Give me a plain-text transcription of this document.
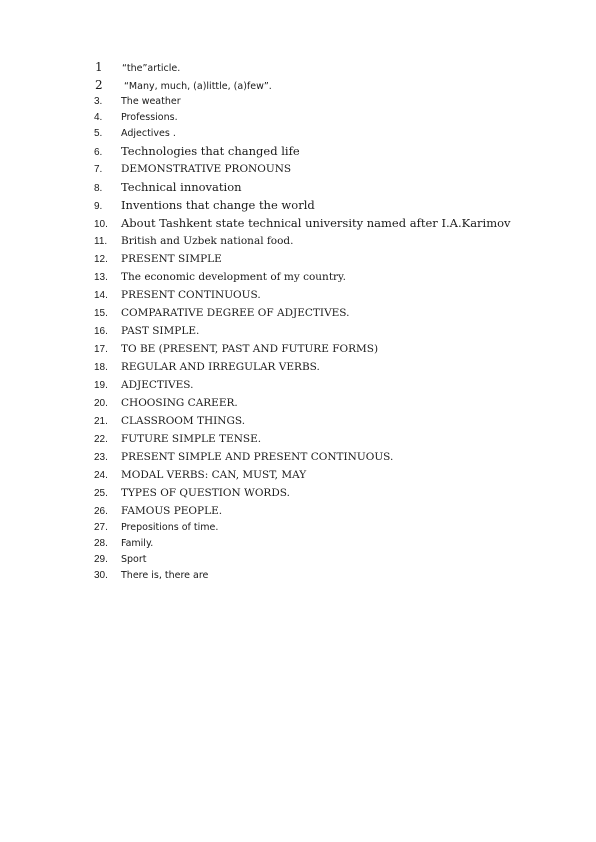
1	“the”article.
2	“Many, much, (a)little, (a)few”.
3.	The weather
4.	Professions.
5.	Adjectives .
6.	Technologies that changed life
7.	DEMONSTRATIVE PRONOUNS
8.	Technical innovation
9.	Inventions that change the world
10.	About Tashkent state technical university named after I.A.Karimov
11.	British and Uzbek national food.
12.	PRESENT SIMPLE
13.	The economic development of my country.
14.	PRESENT CONTINUOUS.
15.	COMPARATIVE DEGREE OF ADJECTIVES.
16.	PAST SIMPLE.
17.	TO BE (PRESENT, PAST AND FUTURE FORMS)
18.	REGULAR AND IRREGULAR VERBS.
19.	ADJECTIVES.
20.	CHOOSING CAREER.
21.	CLASSROOM THINGS.
22.	FUTURE SIMPLE TENSE.
23.	PRESENT SIMPLE AND PRESENT CONTINUOUS.
24.	MODAL VERBS: CAN, MUST, MAY
25.	TYPES OF QUESTION WORDS.
26.	FAMOUS PEOPLE.
27.	Prepositions of time.
28.	Family.
29.	Sport
30.	There is, there are
